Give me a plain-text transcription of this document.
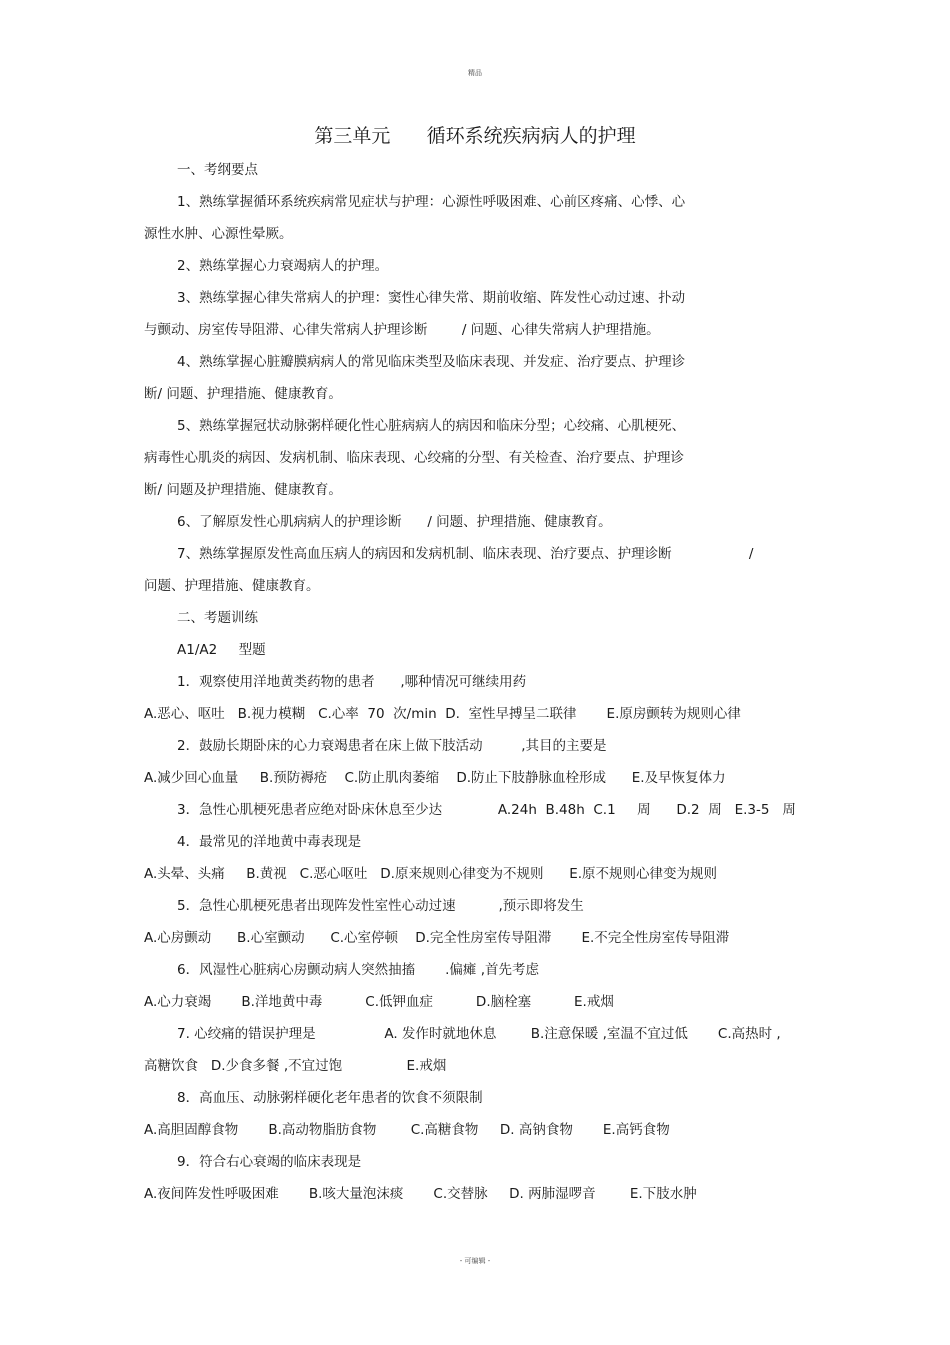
精品
第三单元      循环系统疾病病人的护理
一、考纲要点
1、熟练掌握循环系统疾病常见症状与护理：心源性呼吸困难、心前区疼痛、心悸、心
源性水肿、心源性晕厥。
2、熟练掌握心力衰竭病人的护理。
3、熟练掌握心律失常病人的护理：窦性心律失常、期前收缩、阵发性心动过速、扑动
与颤动、房室传导阻滞、心律失常病人护理诊断        / 问题、心律失常病人护理措施。
4、熟练掌握心脏瓣膜病病人的常见临床类型及临床表现、并发症、治疗要点、护理诊
断/ 问题、护理措施、健康教育。
5、熟练掌握冠状动脉粥样硬化性心脏病病人的病因和临床分型；心绞痛、心肌梗死、
病毒性心肌炎的病因、发病机制、临床表现、心绞痛的分型、有关检查、治疗要点、护理诊
断/ 问题及护理措施、健康教育。
6、了解原发性心肌病病人的护理诊断      / 问题、护理措施、健康教育。
7、熟练掌握原发性高血压病人的病因和发病机制、临床表现、治疗要点、护理诊断                  /
问题、护理措施、健康教育。
二、考题训练
A1/A2     型题
1．观察使用洋地黄类药物的患者      ,哪种情况可继续用药
A.恶心、呕吐   B.视力模糊   C.心率  70  次/min  D.  室性早搏呈二联律       E.原房颤转为规则心律
2．鼓励长期卧床的心力衰竭患者在床上做下肢活动         ,其目的主要是
A.减少回心血量     B.预防褥疮    C.防止肌肉萎缩    D.防止下肢静脉血栓形成      E.及早恢复体力
3．急性心肌梗死患者应绝对卧床休息至少达             A.24h  B.48h  C.1     周      D.2  周   E.3-5   周
4．最常见的洋地黄中毒表现是
A.头晕、头痛     B.黄视   C.恶心呕吐   D.原来规则心律变为不规则      E.原不规则心律变为规则
5．急性心肌梗死患者出现阵发性室性心动过速          ,预示即将发生
A.心房颤动      B.心室颤动      C.心室停顿    D.完全性房室传导阻滞       E.不完全性房室传导阻滞
6．风湿性心脏病心房颤动病人突然抽搐       .偏瘫 ,首先考虑
A.心力衰竭       B.洋地黄中毒          C.低钾血症          D.脑栓塞          E.戒烟
7. 心绞痛的错误护理是                A. 发作时就地休息        B.注意保暖 ,室温不宜过低       C.高热时 ,
高糖饮食   D.少食多餐 ,不宜过饱               E.戒烟
8．高血压、动脉粥样硬化老年患者的饮食不须限制
A.高胆固醇食物       B.高动物脂肪食物        C.高糖食物     D. 高钠食物       E.高钙食物
9．符合右心衰竭的临床表现是
A.夜间阵发性呼吸困难       B.咳大量泡沫痰       C.交替脉     D. 两肺湿啰音        E.下肢水肿
- 可编辑 -
